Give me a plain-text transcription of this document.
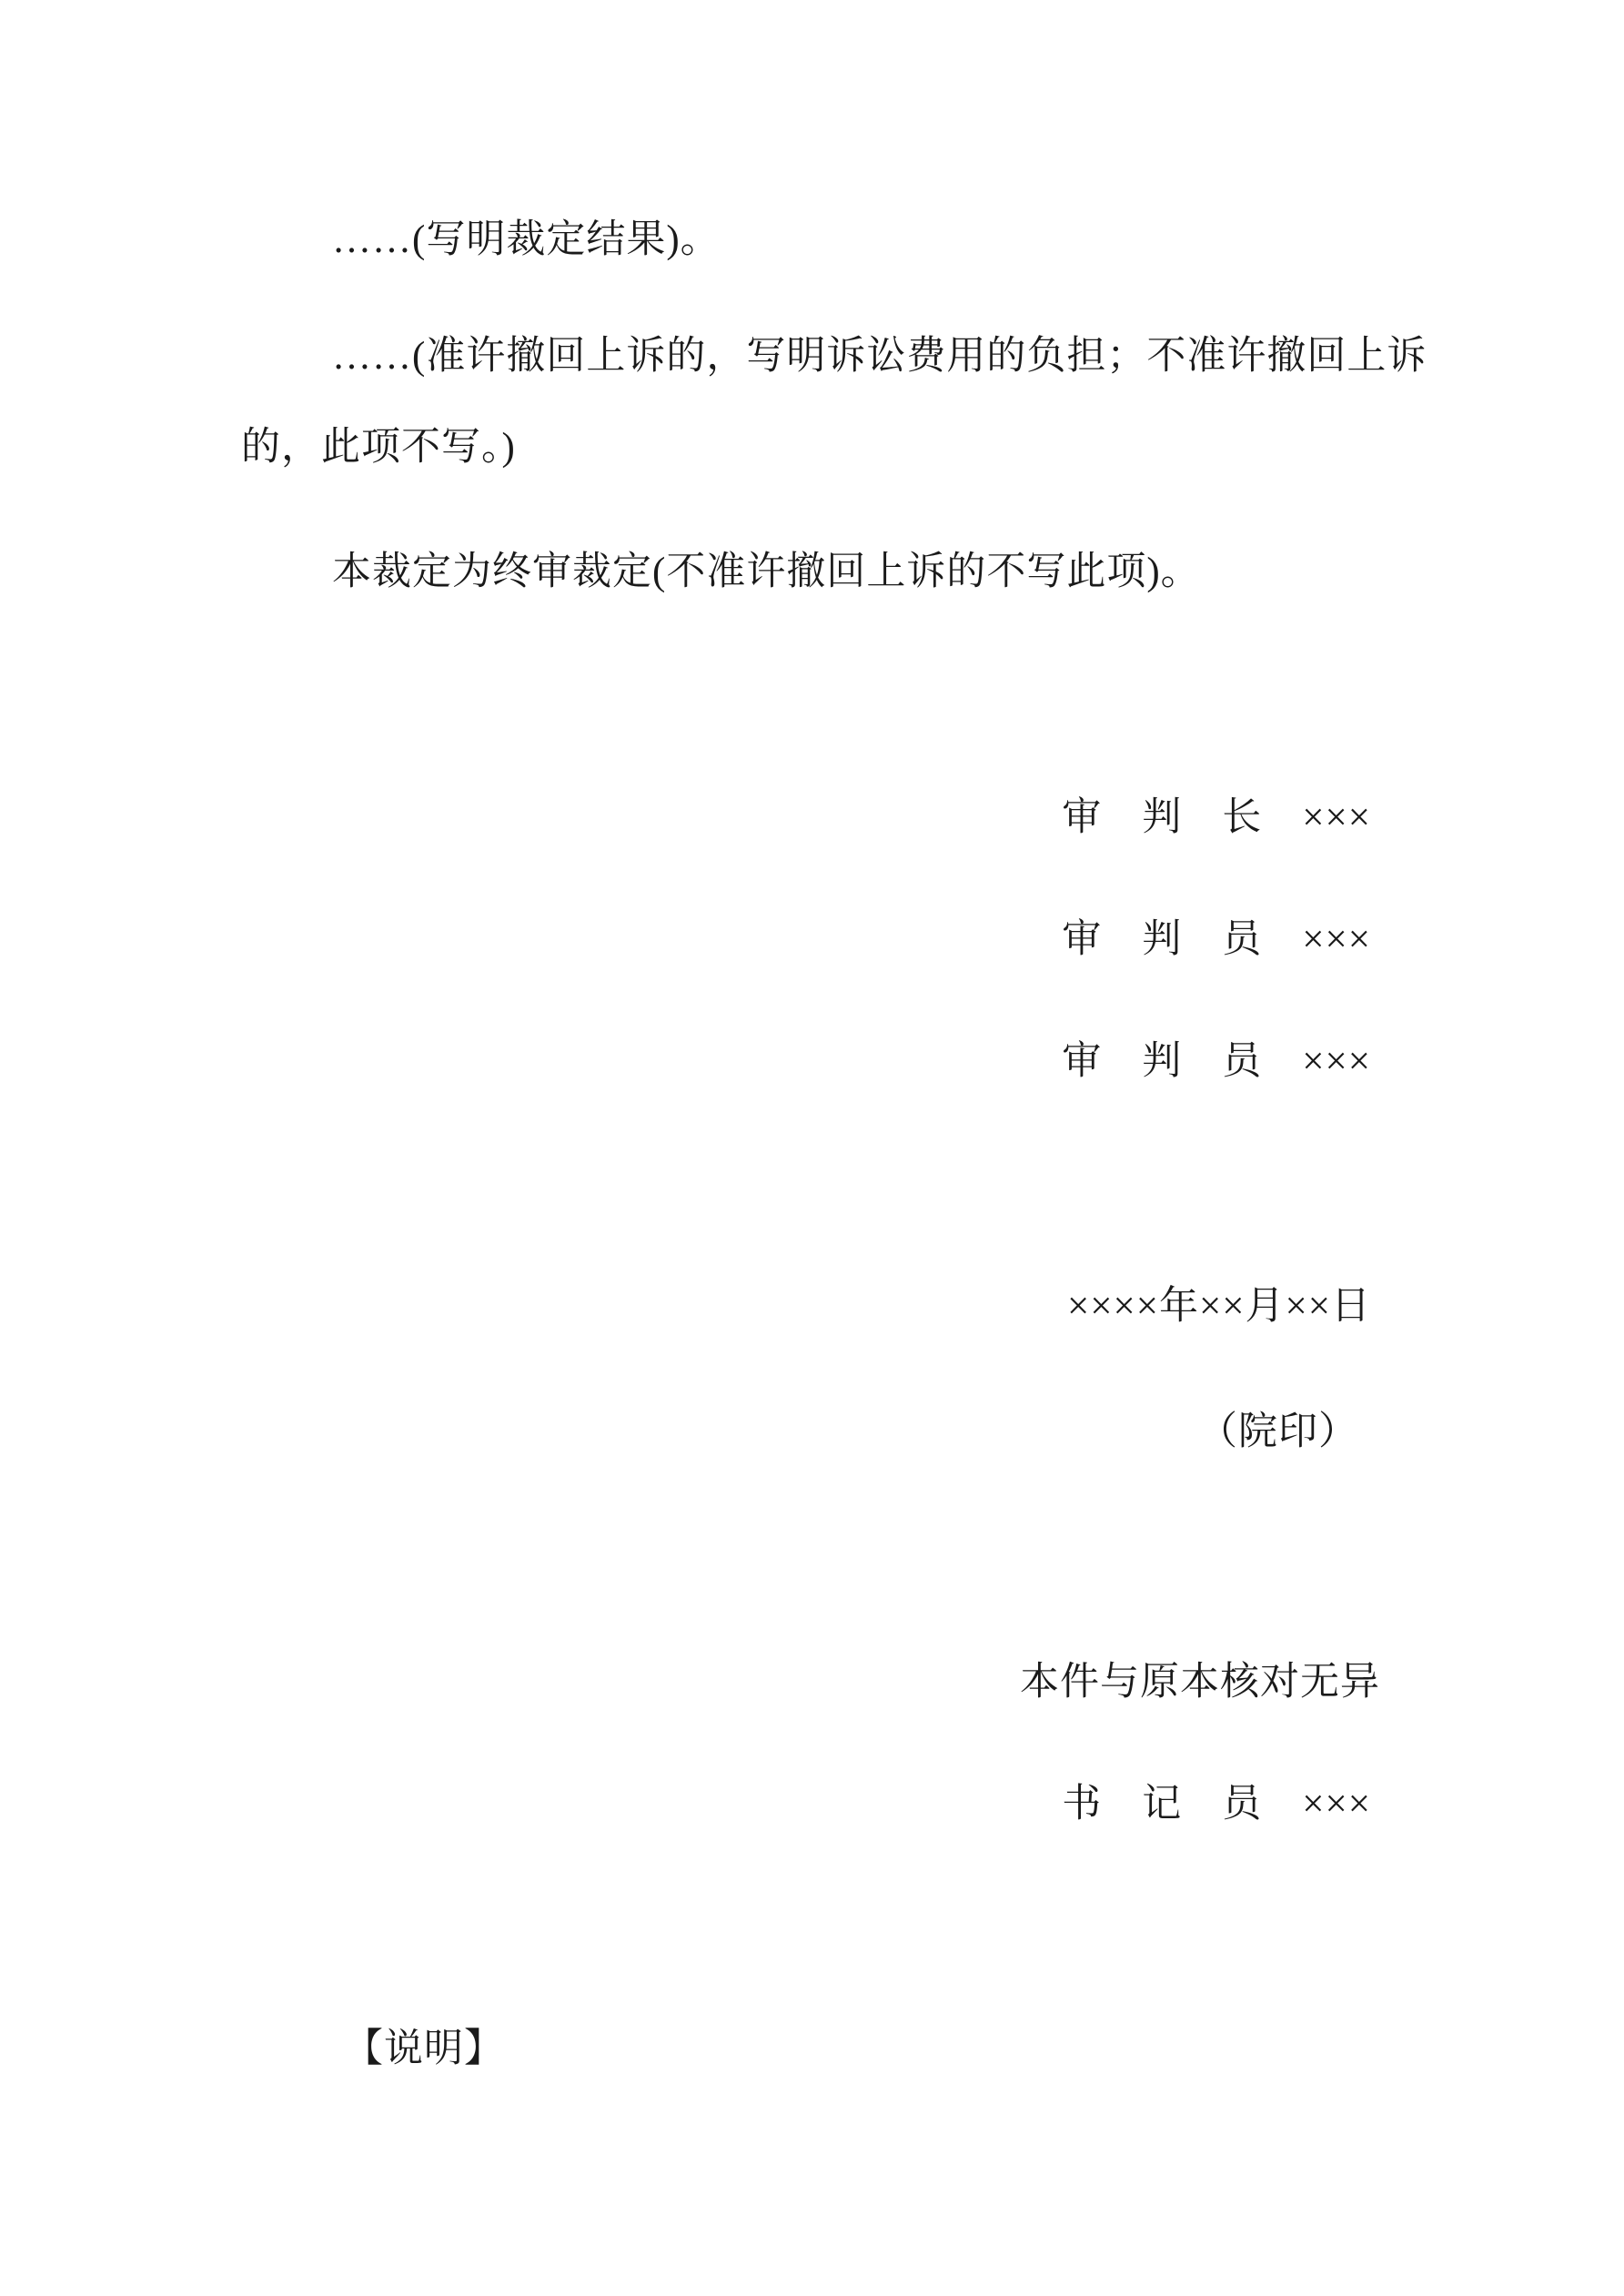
……(写明裁定结果)。
……(准许撤回上诉的，写明诉讼费用的负担；不准许撤回上诉
的，此项不写。)
本裁定为终审裁定(不准许撤回上诉的不写此项)。
审　判　长　×××
审　判　员　×××
审　判　员　×××
××××年××月××日
（院印）
本件与原本核对无异
书　记　员　×××
【说明】
